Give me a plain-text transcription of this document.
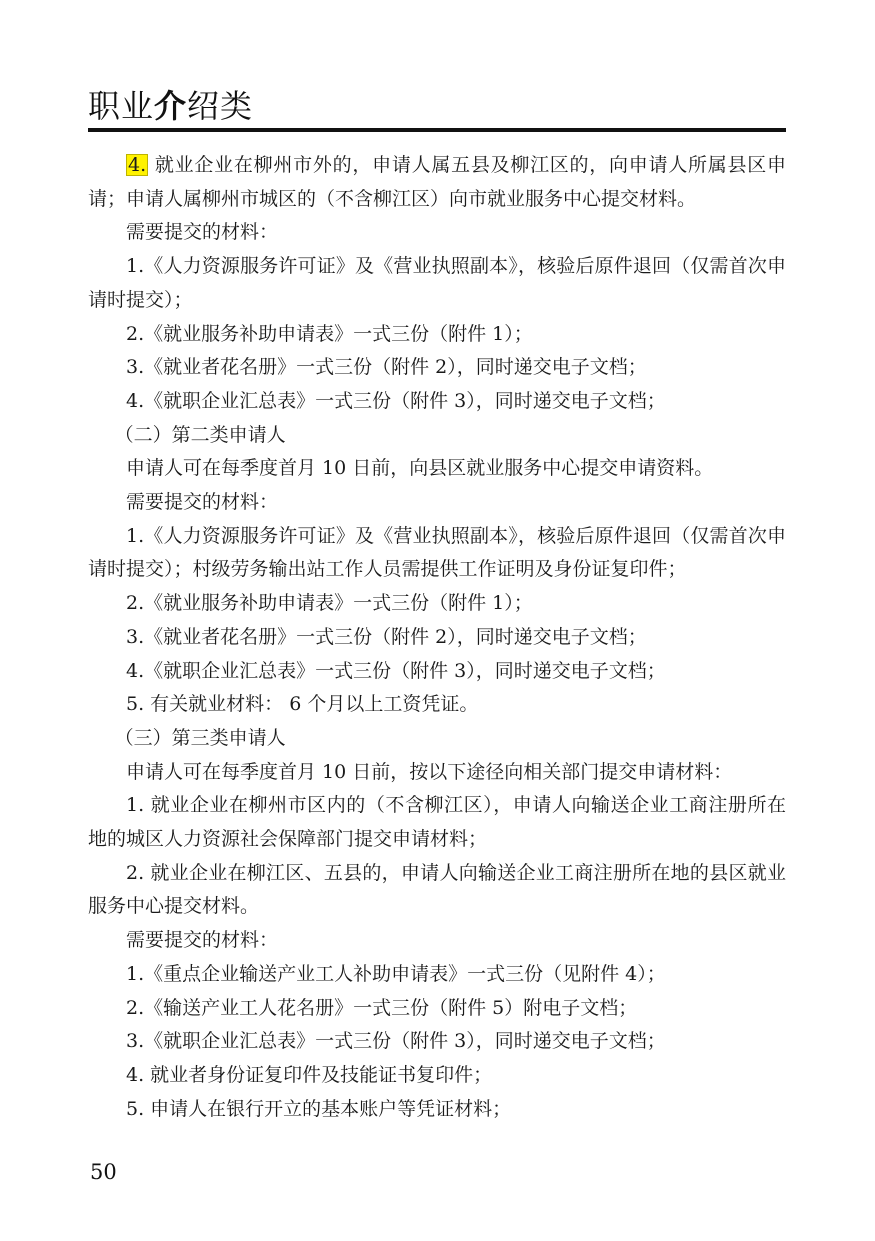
职业介绍类

4. 就业企业在柳州市外的，申请人属五县及柳江区的，向申请人所属县区申请；申请人属柳州市城区的（不含柳江区）向市就业服务中心提交材料。

需要提交的材料：

1.《人力资源服务许可证》及《营业执照副本》，核验后原件退回（仅需首次申请时提交）；

2.《就业服务补助申请表》一式三份（附件 1）；

3.《就业者花名册》一式三份（附件 2），同时递交电子文档；

4.《就职企业汇总表》一式三份（附件 3），同时递交电子文档；

（二）第二类申请人

申请人可在每季度首月 10 日前，向县区就业服务中心提交申请资料。

需要提交的材料：

1.《人力资源服务许可证》及《营业执照副本》，核验后原件退回（仅需首次申请时提交）；村级劳务输出站工作人员需提供工作证明及身份证复印件；

2.《就业服务补助申请表》一式三份（附件 1）；

3.《就业者花名册》一式三份（附件 2），同时递交电子文档；

4.《就职企业汇总表》一式三份（附件 3），同时递交电子文档；

5. 有关就业材料： 6 个月以上工资凭证。

（三）第三类申请人

申请人可在每季度首月 10 日前，按以下途径向相关部门提交申请材料：

1. 就业企业在柳州市区内的（不含柳江区），申请人向输送企业工商注册所在地的城区人力资源社会保障部门提交申请材料；

2. 就业企业在柳江区、五县的，申请人向输送企业工商注册所在地的县区就业服务中心提交材料。

需要提交的材料：

1.《重点企业输送产业工人补助申请表》一式三份（见附件 4）；

2.《输送产业工人花名册》一式三份（附件 5）附电子文档；

3.《就职企业汇总表》一式三份（附件 3），同时递交电子文档；

4. 就业者身份证复印件及技能证书复印件；

5. 申请人在银行开立的基本账户等凭证材料；

50
